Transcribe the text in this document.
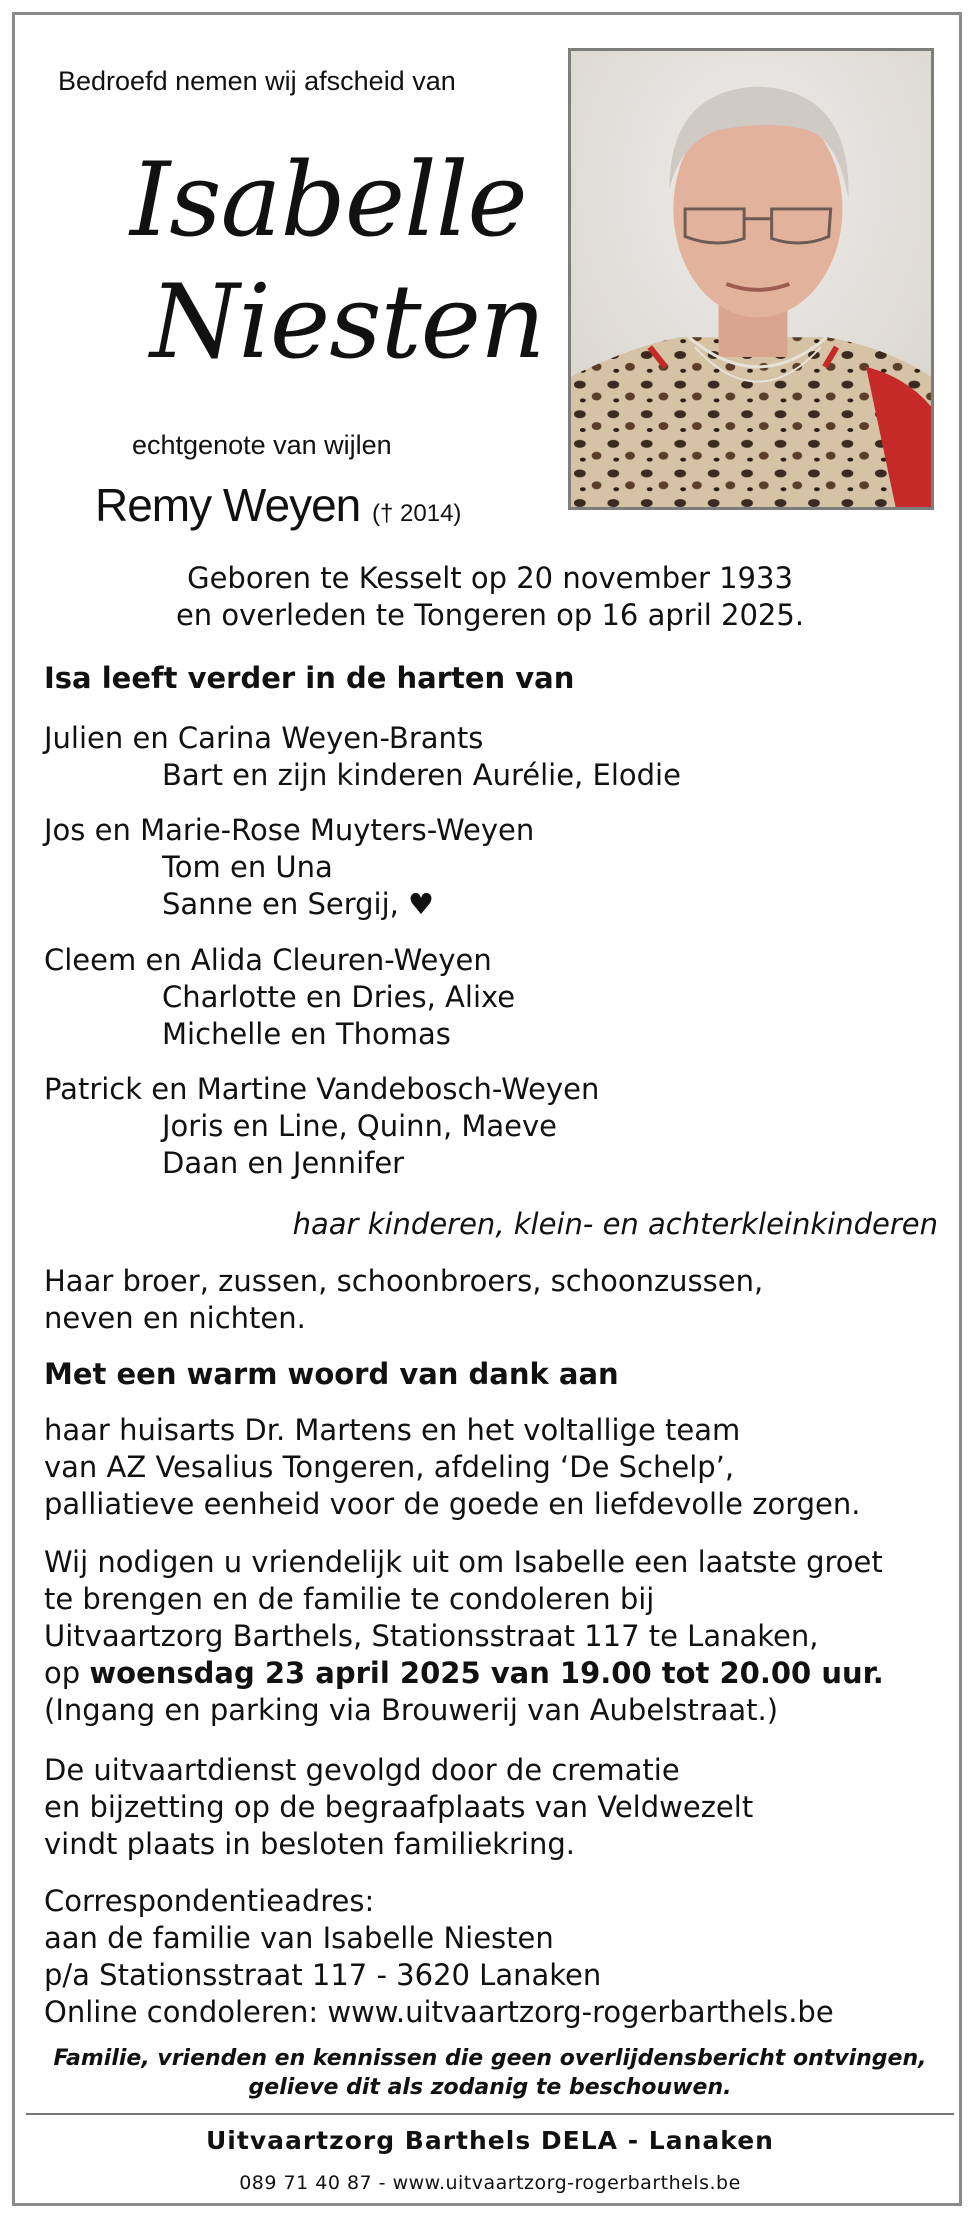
Bedroefd nemen wij afscheid van
Isabelle
Niesten
echtgenote van wijlen
Remy Weyen († 2014)
Geboren te Kesselt op 20 november 1933
en overleden te Tongeren op 16 april 2025.
Isa leeft verder in de harten van
Julien en Carina Weyen-Brants
Bart en zijn kinderen Aurélie, Elodie
Jos en Marie-Rose Muyters-Weyen
Tom en Una
Sanne en Sergij, ♥
Cleem en Alida Cleuren-Weyen
Charlotte en Dries, Alixe
Michelle en Thomas
Patrick en Martine Vandebosch-Weyen
Joris en Line, Quinn, Maeve
Daan en Jennifer
haar kinderen, klein- en achterkleinkinderen
Haar broer, zussen, schoonbroers, schoonzussen,
neven en nichten.
Met een warm woord van dank aan
haar huisarts Dr. Martens en het voltallige team
van AZ Vesalius Tongeren, afdeling ‘De Schelp’,
palliatieve eenheid voor de goede en liefdevolle zorgen.
Wij nodigen u vriendelijk uit om Isabelle een laatste groet
te brengen en de familie te condoleren bij
Uitvaartzorg Barthels, Stationsstraat 117 te Lanaken,
op woensdag 23 april 2025 van 19.00 tot 20.00 uur.
(Ingang en parking via Brouwerij van Aubelstraat.)
De uitvaartdienst gevolgd door de crematie
en bijzetting op de begraafplaats van Veldwezelt
vindt plaats in besloten familiekring.
Correspondentieadres:
aan de familie van Isabelle Niesten
p/a Stationsstraat 117 - 3620 Lanaken
Online condoleren: www.uitvaartzorg-rogerbarthels.be
Familie, vrienden en kennissen die geen overlijdensbericht ontvingen,
gelieve dit als zodanig te beschouwen.
Uitvaartzorg Barthels DELA - Lanaken
089 71 40 87 - www.uitvaartzorg-rogerbarthels.be
